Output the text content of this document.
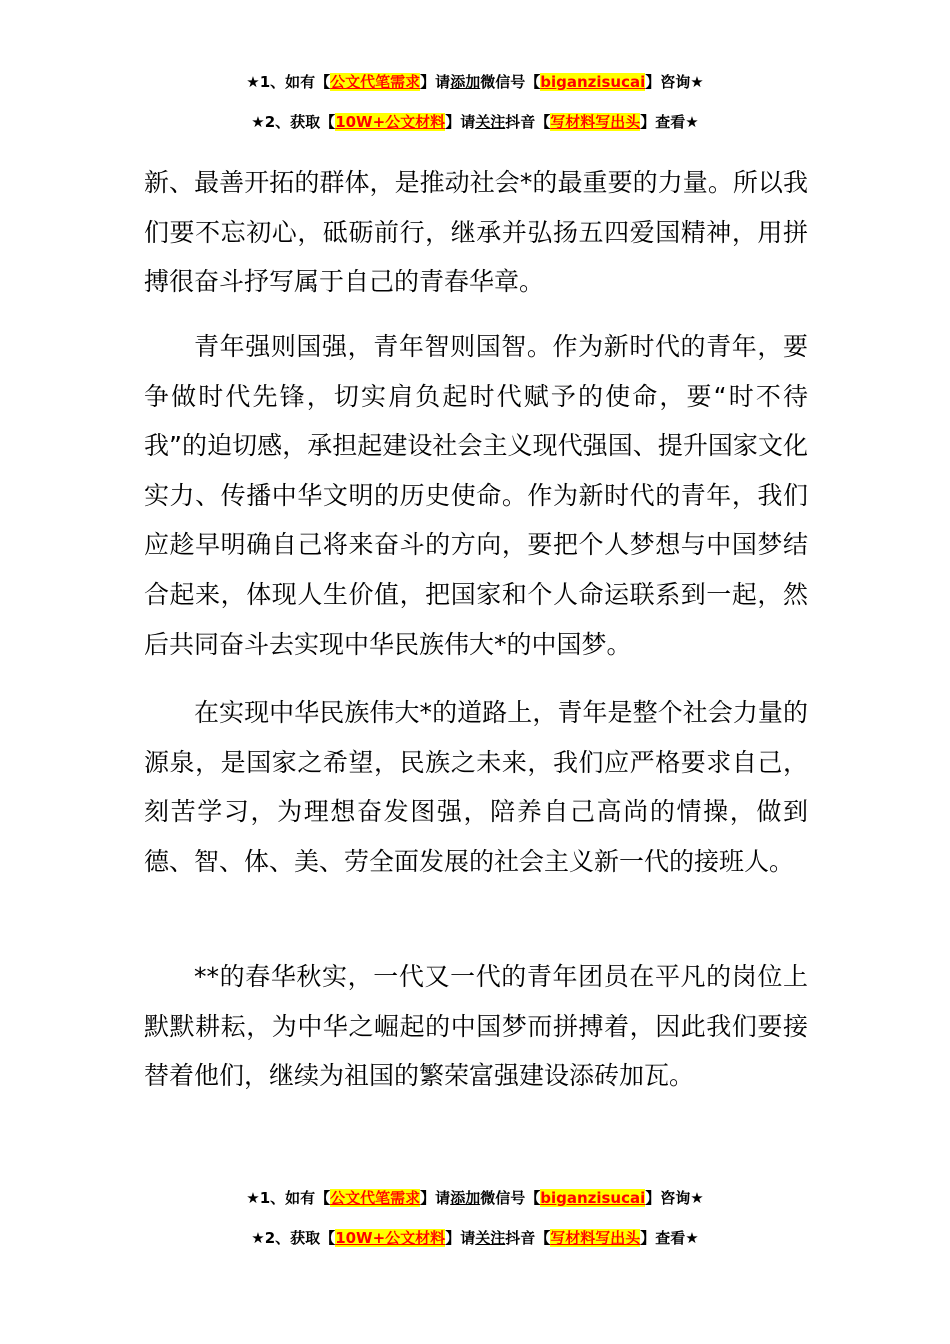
★1、如有【公文代笔需求】请添加微信号【biganzisucai】咨询★
★2、获取【10W+公文材料】请关注抖音【写材料写出头】查看★

新、最善开拓的群体，是推动社会*的最重要的力量。所以我们要不忘初心，砥砺前行，继承并弘扬五四爱国精神，用拼搏很奋斗抒写属于自己的青春华章。

青年强则国强，青年智则国智。作为新时代的青年，要争做时代先锋，切实肩负起时代赋予的使命，要“时不待我”的迫切感，承担起建设社会主义现代强国、提升国家文化实力、传播中华文明的历史使命。作为新时代的青年，我们应趁早明确自己将来奋斗的方向，要把个人梦想与中国梦结合起来，体现人生价值，把国家和个人命运联系到一起，然后共同奋斗去实现中华民族伟大*的中国梦。

在实现中华民族伟大*的道路上，青年是整个社会力量的源泉，是国家之希望，民族之未来，我们应严格要求自己，刻苦学习，为理想奋发图强，陪养自己高尚的情操，做到德、智、体、美、劳全面发展的社会主义新一代的接班人。

**的春华秋实，一代又一代的青年团员在平凡的岗位上默默耕耘，为中华之崛起的中国梦而拼搏着，因此我们要接替着他们，继续为祖国的繁荣富强建设添砖加瓦。

★1、如有【公文代笔需求】请添加微信号【biganzisucai】咨询★
★2、获取【10W+公文材料】请关注抖音【写材料写出头】查看★
